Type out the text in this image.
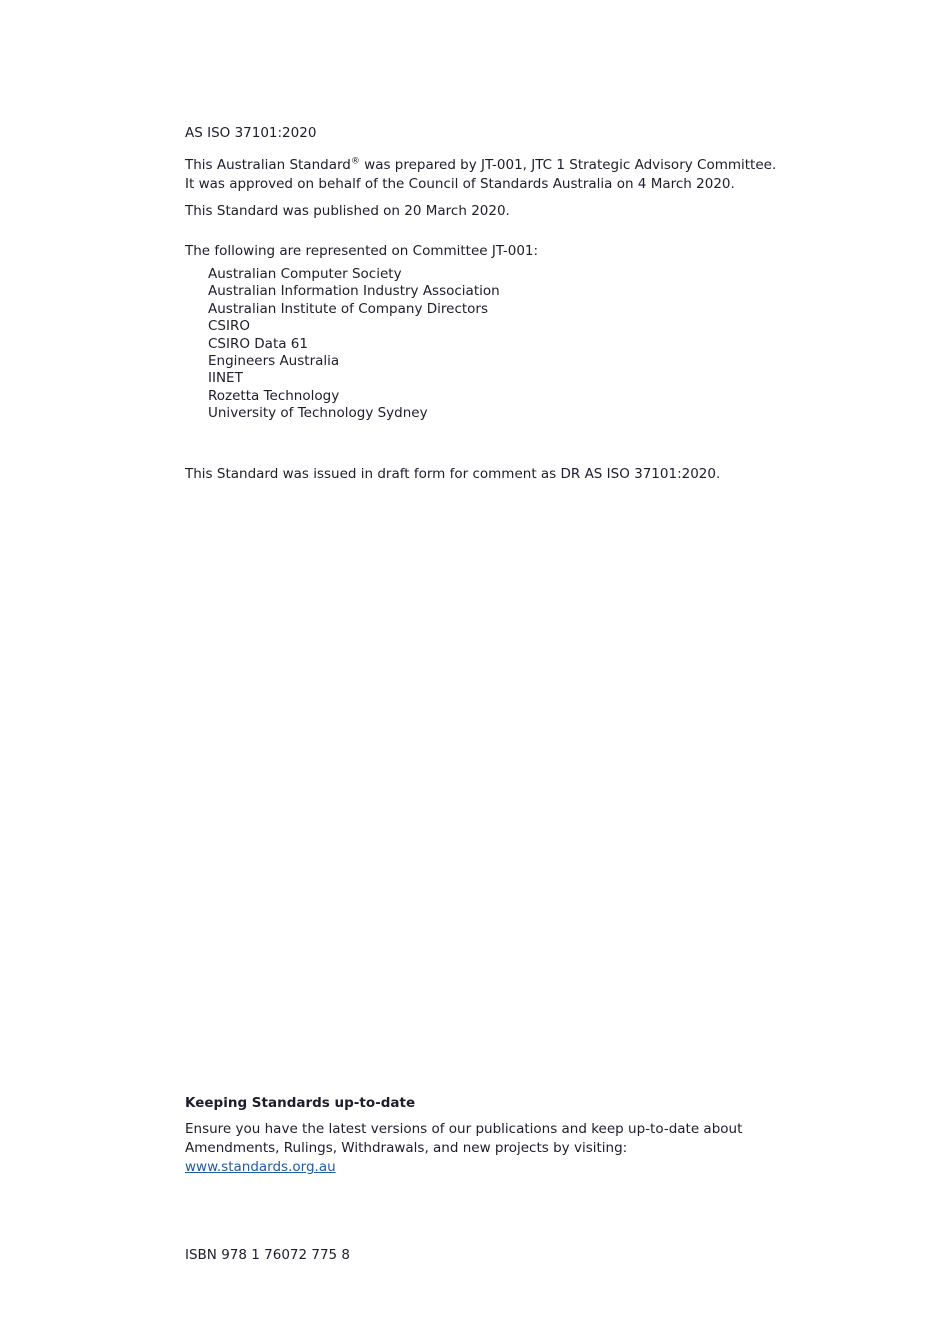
AS ISO 37101:2020
This Australian Standard® was prepared by JT-001, JTC 1 Strategic Advisory Committee. It was approved on behalf of the Council of Standards Australia on 4 March 2020.
This Standard was published on 20 March 2020.
The following are represented on Committee JT-001:
Australian Computer Society
Australian Information Industry Association
Australian Institute of Company Directors
CSIRO
CSIRO Data 61
Engineers Australia
IINET
Rozetta Technology
University of Technology Sydney
This Standard was issued in draft form for comment as DR AS ISO 37101:2020.
Keeping Standards up-to-date
Ensure you have the latest versions of our publications and keep up-to-date about Amendments, Rulings, Withdrawals, and new projects by visiting:
www.standards.org.au
ISBN 978 1 76072 775 8
